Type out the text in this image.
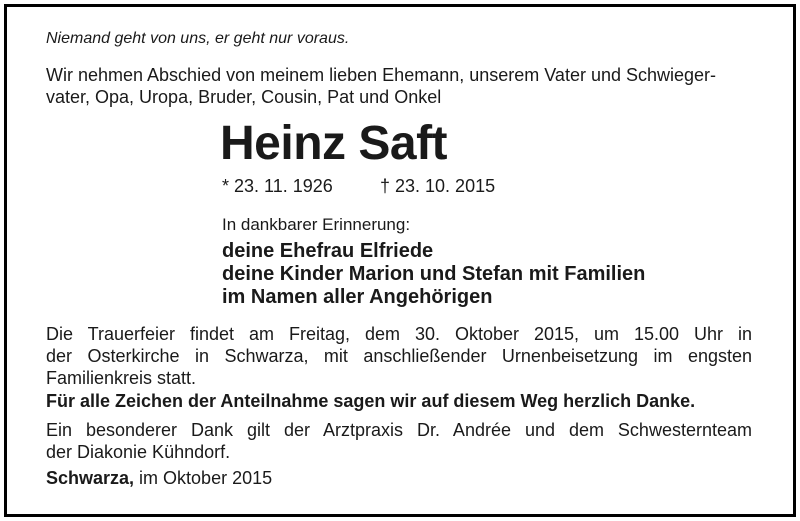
Niemand geht von uns, er geht nur voraus.
Wir nehmen Abschied von meinem lieben Ehemann, unserem Vater und Schwieger-
vater, Opa, Uropa, Bruder, Cousin, Pat und Onkel
Heinz Saft
* 23. 11. 1926	† 23. 10. 2015
In dankbarer Erinnerung:
deine Ehefrau Elfriede
deine Kinder Marion und Stefan mit Familien
im Namen aller Angehörigen
Die Trauerfeier findet am Freitag, dem 30. Oktober 2015, um 15.00 Uhr in
der Osterkirche in Schwarza, mit anschließender Urnenbeisetzung im engsten
Familienkreis statt.
Für alle Zeichen der Anteilnahme sagen wir auf diesem Weg herzlich Danke.
Ein besonderer Dank gilt der Arztpraxis Dr. Andrée und dem Schwesternteam
der Diakonie Kühndorf.
Schwarza, im Oktober 2015
